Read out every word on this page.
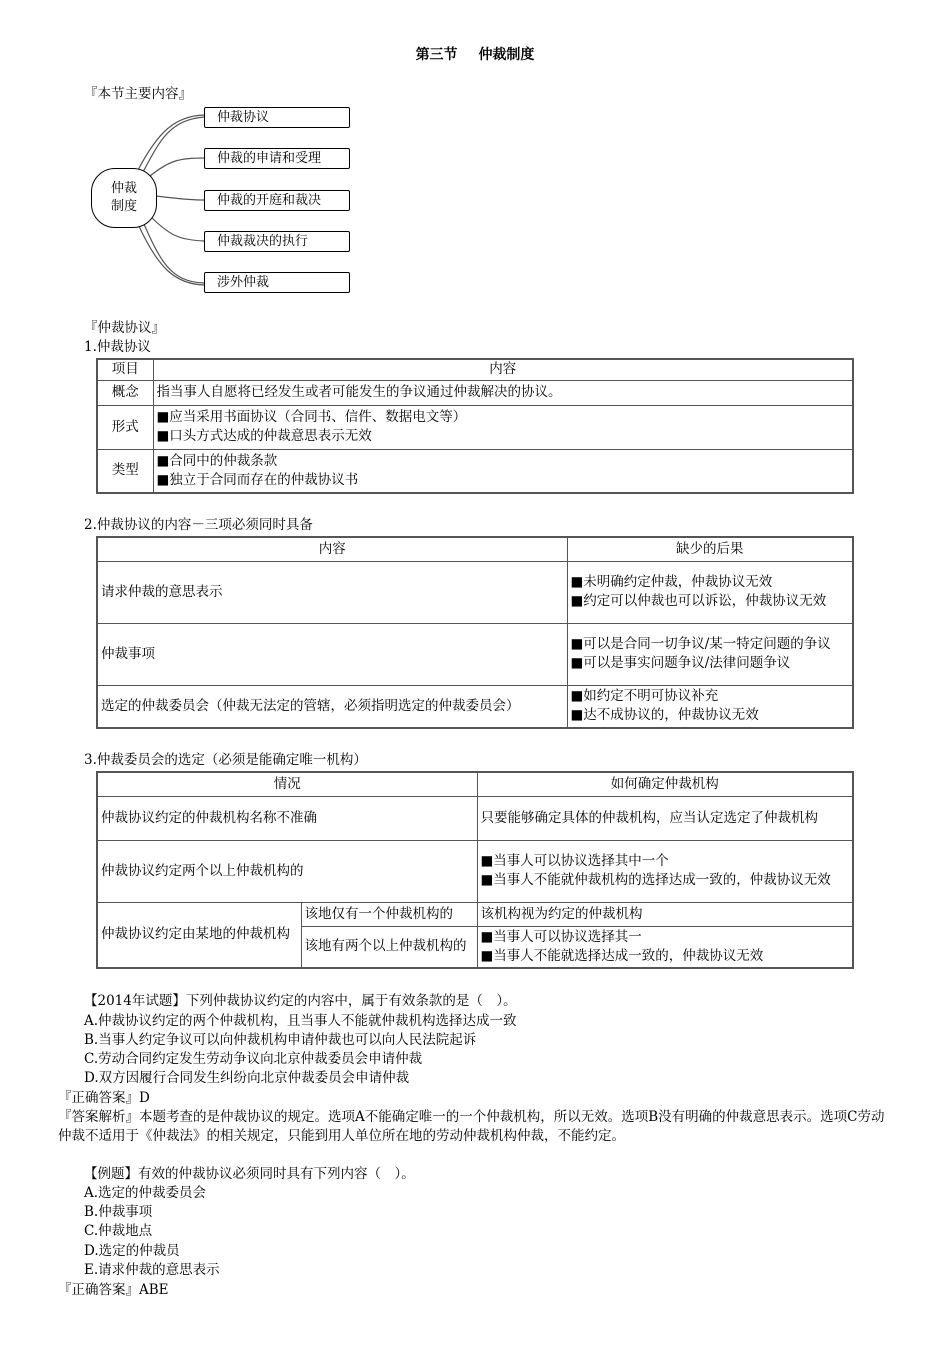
第三节 仲裁制度
『本节主要内容』
仲裁
制度
仲裁协议
仲裁的申请和受理
仲裁的开庭和裁决
仲裁裁决的执行
涉外仲裁
『仲裁协议』
1.仲裁协议
项目	内容
概念	指当事人自愿将已经发生或者可能发生的争议通过仲裁解决的协议。
形式	■应当采用书面协议（合同书、信件、数据电文等）
■口头方式达成的仲裁意思表示无效

类型	■合同中的仲裁条款
■独立于合同而存在的仲裁协议书
2.仲裁协议的内容－三项必须同时具备
内容	缺少的后果
请求仲裁的意思表示	■未明确约定仲裁，仲裁协议无效
■约定可以仲裁也可以诉讼，仲裁协议无效

仲裁事项	■可以是合同一切争议/某一特定问题的争议
■可以是事实问题争议/法律问题争议

选定的仲裁委员会（仲裁无法定的管辖，必须指明选定的仲裁委员会）	■如约定不明可协议补充
■达不成协议的，仲裁协议无效
3.仲裁委员会的选定（必须是能确定唯一机构）
情况		如何确定仲裁机构
仲裁协议约定的仲裁机构名称不准确		只要能够确定具体的仲裁机构，应当认定选定了仲裁机构
仲裁协议约定两个以上仲裁机构的		■当事人可以协议选择其中一个
■当事人不能就仲裁机构的选择达成一致的，仲裁协议无效

仲裁协议约定由某地的仲裁机构	该地仅有一个仲裁机构的	该机构视为约定的仲裁机构
	该地有两个以上仲裁机构的	■当事人可以协议选择其一
■当事人不能就选择达成一致的，仲裁协议无效
【2014年试题】下列仲裁协议约定的内容中，属于有效条款的是（　）。
A.仲裁协议约定的两个仲裁机构，且当事人不能就仲裁机构选择达成一致
B.当事人约定争议可以向仲裁机构申请仲裁也可以向人民法院起诉
C.劳动合同约定发生劳动争议向北京仲裁委员会申请仲裁
D.双方因履行合同发生纠纷向北京仲裁委员会申请仲裁
『正确答案』D
『答案解析』本题考查的是仲裁协议的规定。选项A不能确定唯一的一个仲裁机构，所以无效。选项B没有明确的仲裁意思表示。选项C劳动仲裁不适用于《仲裁法》的相关规定，只能到用人单位所在地的劳动仲裁机构仲裁，不能约定。
【例题】有效的仲裁协议必须同时具有下列内容（　）。
A.选定的仲裁委员会
B.仲裁事项
C.仲裁地点
D.选定的仲裁员
E.请求仲裁的意思表示
『正确答案』ABE
